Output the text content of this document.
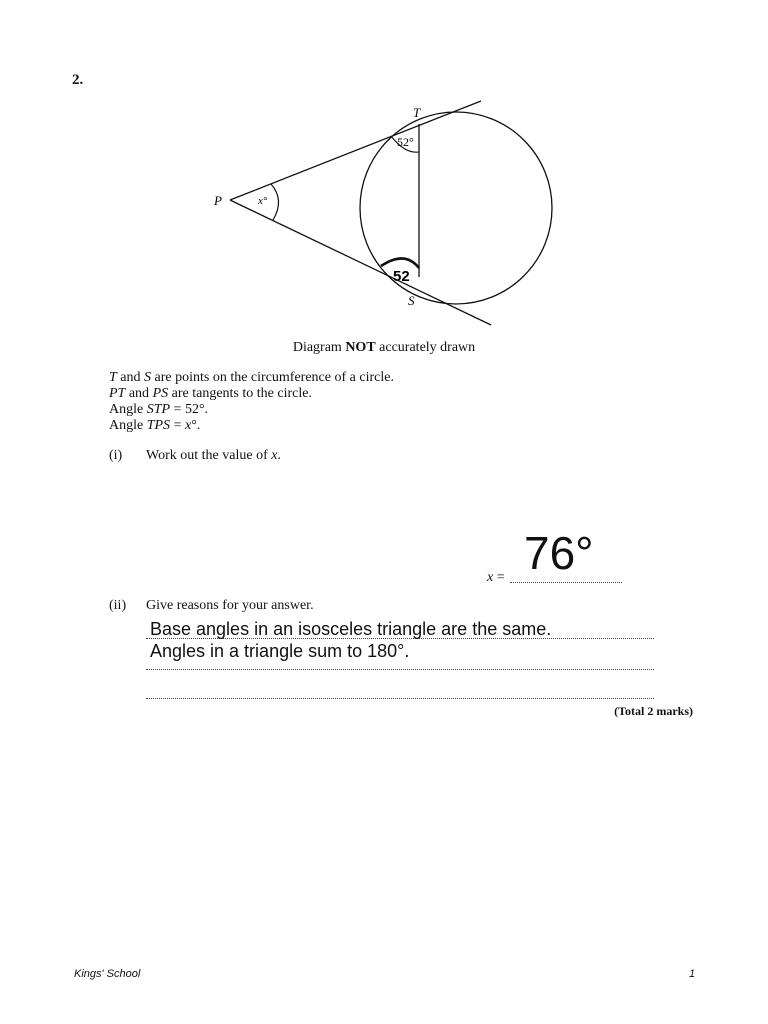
2.
T
S
P	x°
52°
52
Diagram NOT accurately drawn
T and S are points on the circumference of a circle.
PT and PS are tangents to the circle.
Angle STP = 52°.
Angle TPS = x°.
(i) Work out the value of x.
x = 76°
(ii) Give reasons for your answer.
Base angles in an isosceles triangle are the same.
Angles in a triangle sum to 180°.
(Total 2 marks)
Kings' School	1
